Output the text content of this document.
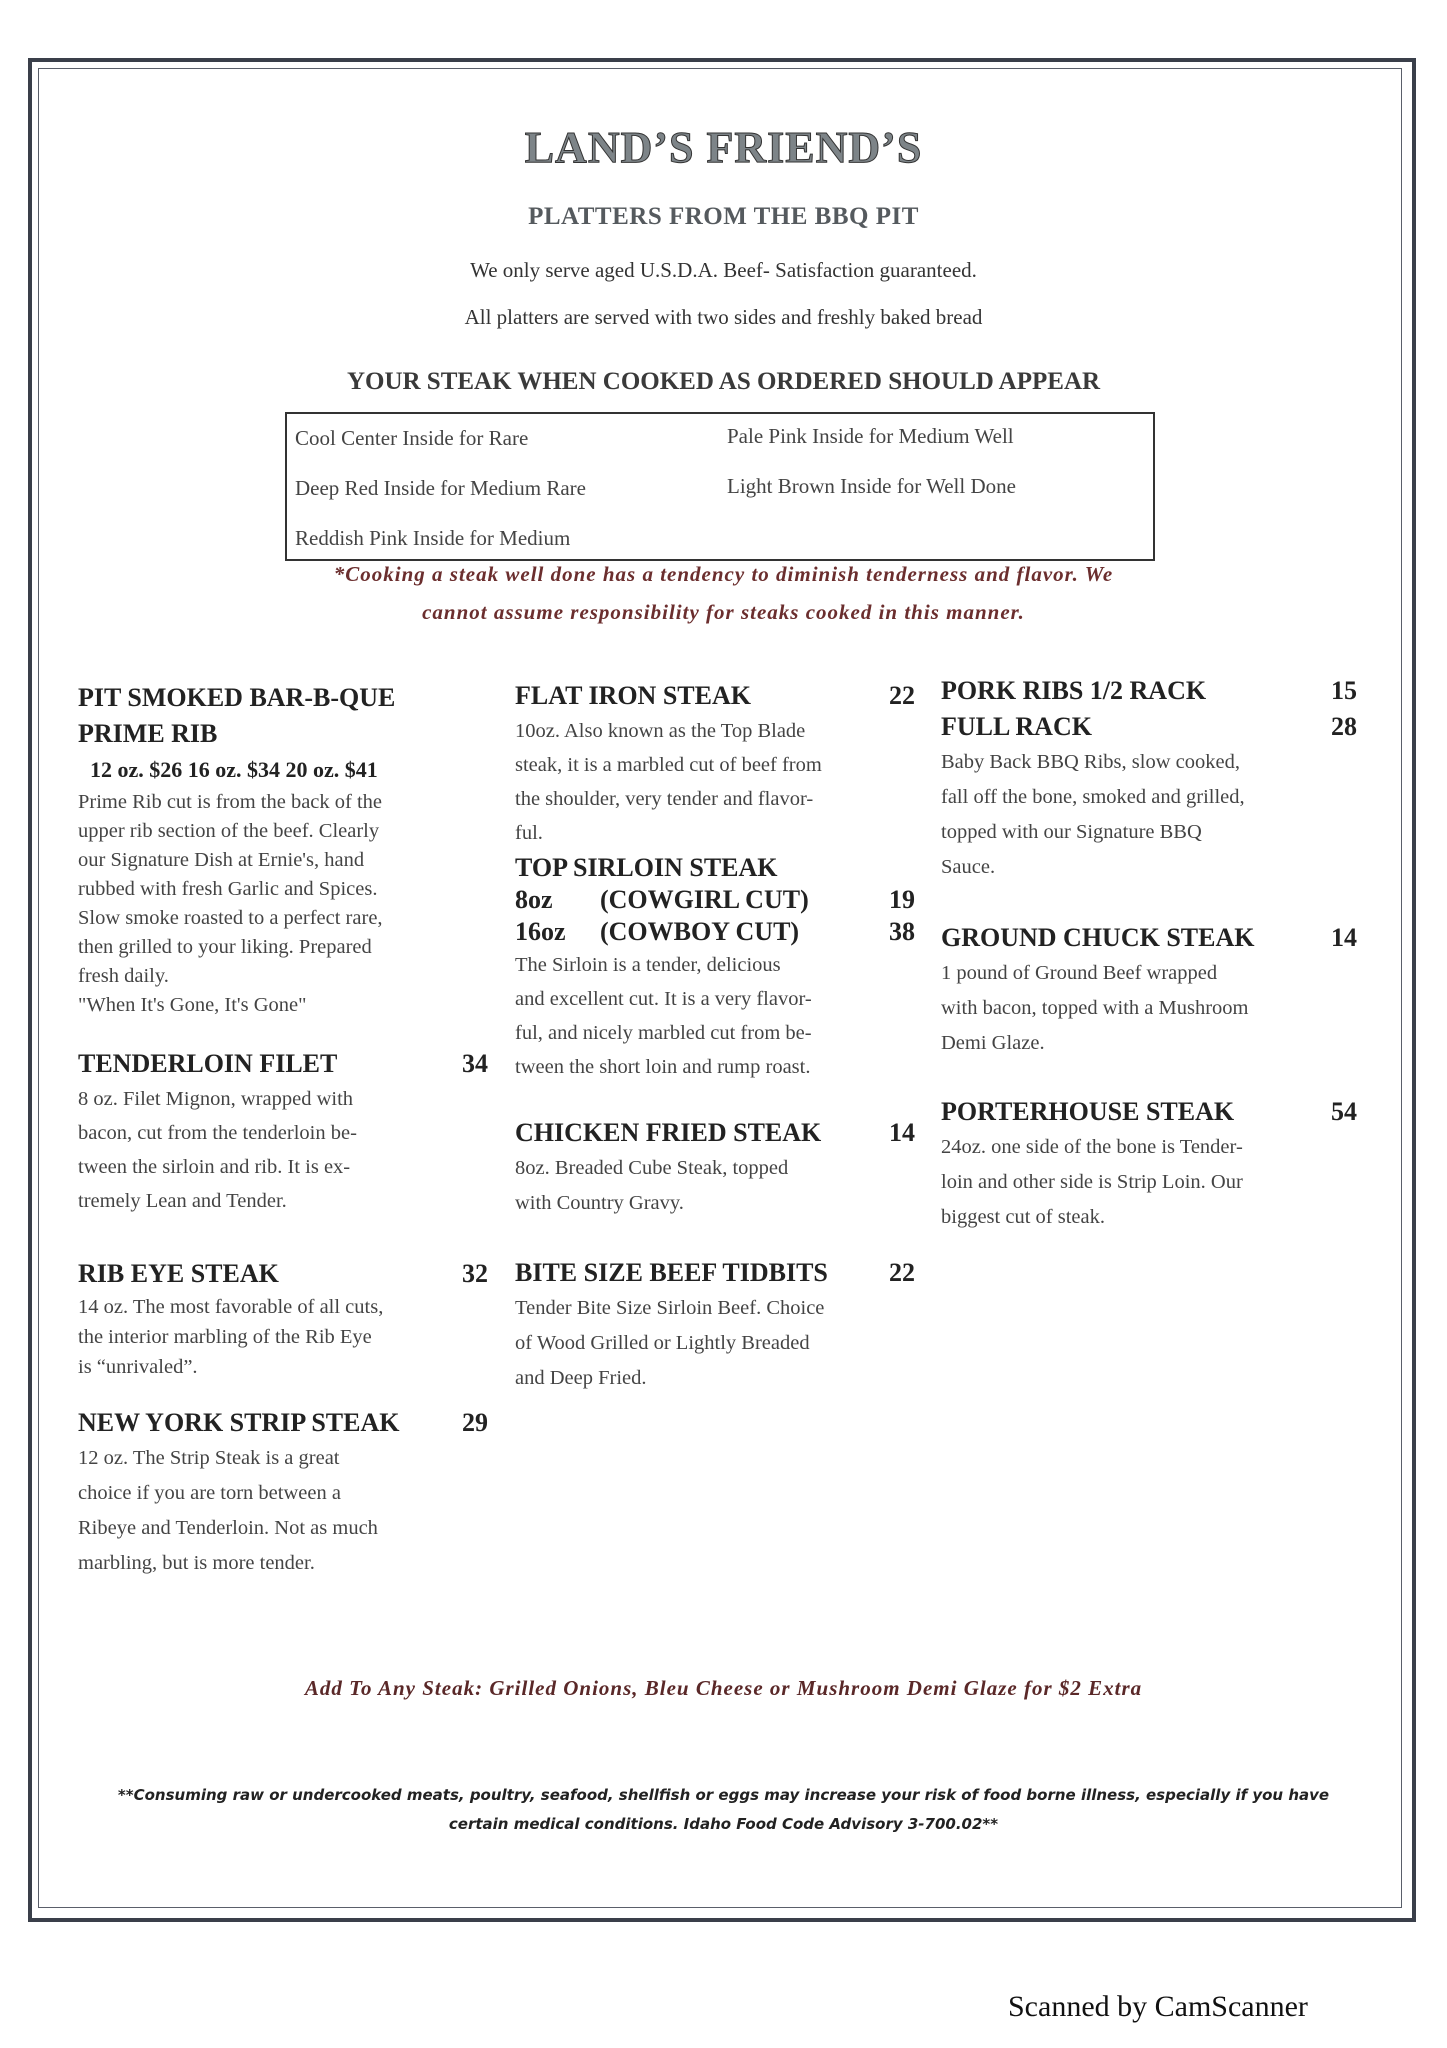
LAND’S FRIEND’S
PLATTERS FROM THE BBQ PIT
We only serve aged U.S.D.A. Beef- Satisfaction guaranteed.
All platters are served with two sides and freshly baked bread
YOUR STEAK WHEN COOKED AS ORDERED SHOULD APPEAR
Cool Center Inside for Rare	Pale Pink Inside for Medium Well
Deep Red Inside for Medium Rare	Light Brown Inside for Well Done
Reddish Pink Inside for Medium
*Cooking a steak well done has a tendency to diminish tenderness and flavor. We
cannot assume responsibility for steaks cooked in this manner.
PIT SMOKED BAR-B-QUE
PRIME RIB
12 oz. $26 16 oz. $34 20 oz. $41
Prime Rib cut is from the back of the
upper rib section of the beef. Clearly
our Signature Dish at Ernie's, hand
rubbed with fresh Garlic and Spices.
Slow smoke roasted to a perfect rare,
then grilled to your liking. Prepared
fresh daily.
"When It's Gone, It's Gone"
TENDERLOIN FILET	34
8 oz. Filet Mignon, wrapped with
bacon, cut from the tenderloin be-
tween the sirloin and rib. It is ex-
tremely Lean and Tender.
RIB EYE STEAK	32
14 oz. The most favorable of all cuts,
the interior marbling of the Rib Eye
is “unrivaled”.
NEW YORK STRIP STEAK 29
12 oz. The Strip Steak is a great
choice if you are torn between a
Ribeye and Tenderloin. Not as much
marbling, but is more tender.
FLAT IRON STEAK	22
10oz. Also known as the Top Blade
steak, it is a marbled cut of beef from
the shoulder, very tender and flavor-
ful.
TOP SIRLOIN STEAK
8oz	(COWGIRL CUT)	19
16oz	(COWBOY CUT)	38
The Sirloin is a tender, delicious
and excellent cut. It is a very flavor-
ful, and nicely marbled cut from be-
tween the short loin and rump roast.
CHICKEN FRIED STEAK	14
8oz. Breaded Cube Steak, topped
with Country Gravy.
BITE SIZE BEEF TIDBITS 22
Tender Bite Size Sirloin Beef. Choice
of Wood Grilled or Lightly Breaded
and Deep Fried.
PORK RIBS 1/2 RACK	15
FULL RACK	28
Baby Back BBQ Ribs, slow cooked,
fall off the bone, smoked and grilled,
topped with our Signature BBQ
Sauce.
GROUND CHUCK STEAK	14
1 pound of Ground Beef wrapped
with bacon, topped with a Mushroom
Demi Glaze.
PORTERHOUSE STEAK	54
24oz. one side of the bone is Tender-
loin and other side is Strip Loin. Our
biggest cut of steak.
Add To Any Steak: Grilled Onions, Bleu Cheese or Mushroom Demi Glaze for $2 Extra
**Consuming raw or undercooked meats, poultry, seafood, shellfish or eggs may increase your risk of food borne illness, especially if you have
certain medical conditions. Idaho Food Code Advisory 3-700.02**
Scanned by CamScanner
